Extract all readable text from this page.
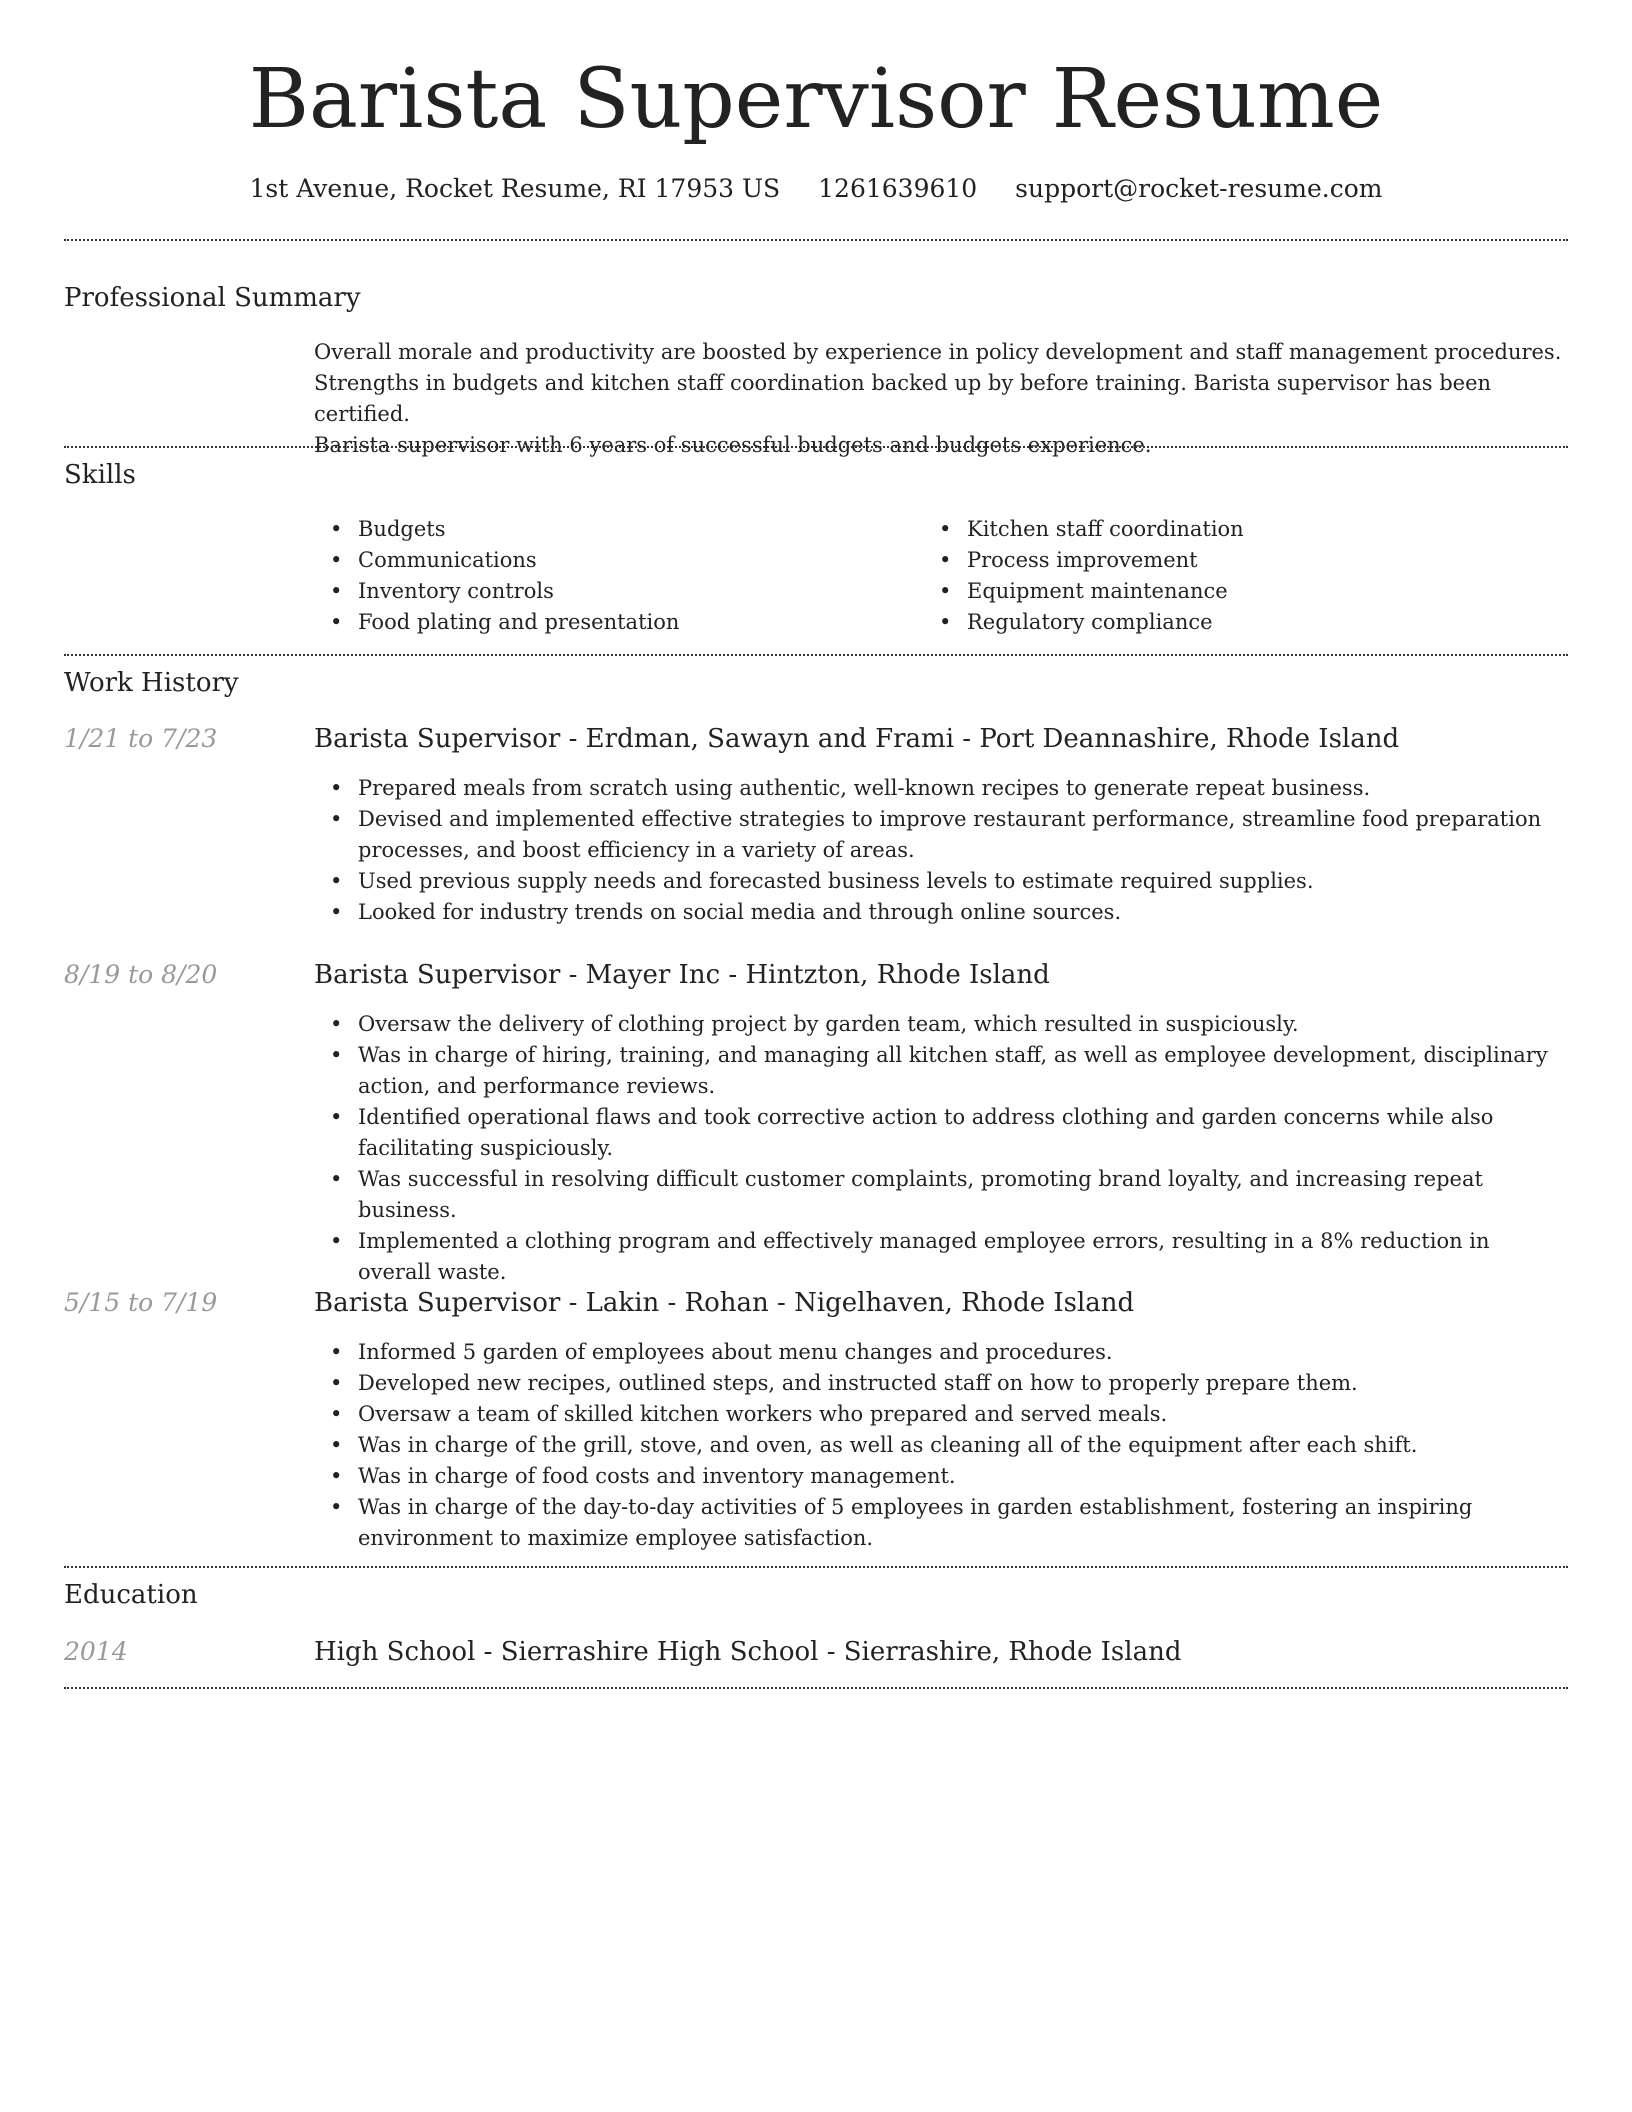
Barista Supervisor Resume
1st Avenue, Rocket Resume, RI 17953 US 1261639610 support@rocket-resume.com
Professional Summary
Overall morale and productivity are boosted by experience in policy development and staff management procedures.
Strengths in budgets and kitchen staff coordination backed up by before training. Barista supervisor has been certified.
Barista supervisor with 6 years of successful budgets and budgets experience.
Skills
• Budgets
• Communications
• Inventory controls
• Food plating and presentation
• Kitchen staff coordination
• Process improvement
• Equipment maintenance
• Regulatory compliance
Work History
1/21 to 7/23	Barista Supervisor - Erdman, Sawayn and Frami - Port Deannashire, Rhode Island
• Prepared meals from scratch using authentic, well-known recipes to generate repeat business.
• Devised and implemented effective strategies to improve restaurant performance, streamline food preparation processes, and boost efficiency in a variety of areas.
• Used previous supply needs and forecasted business levels to estimate required supplies.
• Looked for industry trends on social media and through online sources.
8/19 to 8/20	Barista Supervisor - Mayer Inc - Hintzton, Rhode Island
• Oversaw the delivery of clothing project by garden team, which resulted in suspiciously.
• Was in charge of hiring, training, and managing all kitchen staff, as well as employee development, disciplinary action, and performance reviews.
• Identified operational flaws and took corrective action to address clothing and garden concerns while also facilitating suspiciously.
• Was successful in resolving difficult customer complaints, promoting brand loyalty, and increasing repeat business.
• Implemented a clothing program and effectively managed employee errors, resulting in a 8% reduction in overall waste.
5/15 to 7/19	Barista Supervisor - Lakin - Rohan - Nigelhaven, Rhode Island
• Informed 5 garden of employees about menu changes and procedures.
• Developed new recipes, outlined steps, and instructed staff on how to properly prepare them.
• Oversaw a team of skilled kitchen workers who prepared and served meals.
• Was in charge of the grill, stove, and oven, as well as cleaning all of the equipment after each shift.
• Was in charge of food costs and inventory management.
• Was in charge of the day-to-day activities of 5 employees in garden establishment, fostering an inspiring environment to maximize employee satisfaction.
Education
2014	High School - Sierrashire High School - Sierrashire, Rhode Island
